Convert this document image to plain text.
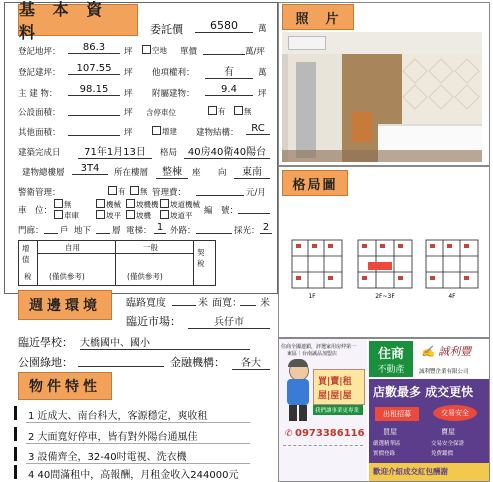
基 本 資 料	委託價	6580	萬
登記地坪：	86.3	坪	空地 單價	萬/坪
登記建坪：	107.55	坪 他項權利：	有	萬
主 建 物：	98.15	坪 附屬建物：	9.4	坪
公設面積：	坪 含停車位	有	無
其他面積：	坪	增建 建物結構：	RC
建築完成日	71年1月13日	格局	40房40衛40陽台
建物總樓層	3T4	所在樓層	整棟	座 向	東南
警衛管理：	有	無 管理費：	元/月
車　位：
無	機械	坡機機	坡道機械
車庫	坡平	坡機	坡道平 編　號：
門廊： 戶 地下 層 電梯： 1 外路：	採光： 2
增值
稅
自用	一般
(僅供參考)	(僅供參考)
契稅
週邊環境	臨路寬度	米 面寬： 米
臨近市場：	兵仔市
臨近學校： 大橋國中、國小
公園綠地：	金融機構：	各大
物件特性
1 近成大、南台科大，客源穩定，爽收租
2 大面寬好停車，皆有對外陽台通風佳
3 設備齊全，32-40吋電視、洗衣機
4 40間滿租中，高報酬，月租金收入244000元
照　片
格局圖
1F	2F~3F	4F
住商全國連鎖，評選家用房仲第一
東區｜台南誠品加盟店
買|賣|租
屋|屋|屋
我們讓事業更專業
✆ 0973386116
住商
不動產
✍ 誠利豐
誠利豐企業有限公司
店數最多 成交更快
出租招募	交易安全
買屋
嚴選精華區
實價登錄
賣屋
交易安全保證
免費鑑價
歡迎介紹成交紅包酬謝
